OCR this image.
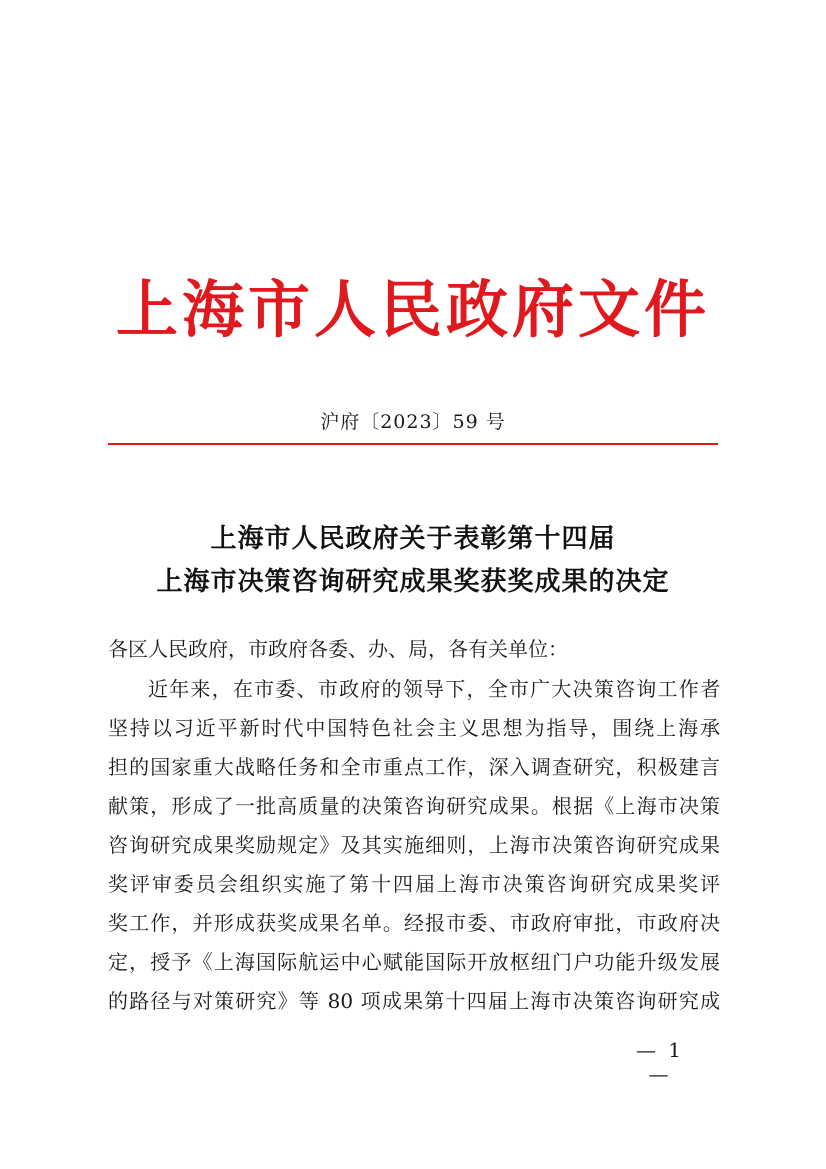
上海市人民政府文件
沪府〔2023〕59 号
上海市人民政府关于表彰第十四届
上海市决策咨询研究成果奖获奖成果的决定
各区人民政府，市政府各委、办、局，各有关单位：
近年来，在市委、市政府的领导下，全市广大决策咨询工作者
坚持以习近平新时代中国特色社会主义思想为指导，围绕上海承
担的国家重大战略任务和全市重点工作，深入调查研究，积极建言
献策，形成了一批高质量的决策咨询研究成果。根据《上海市决策
咨询研究成果奖励规定》及其实施细则，上海市决策咨询研究成果
奖评审委员会组织实施了第十四届上海市决策咨询研究成果奖评
奖工作，并形成获奖成果名单。经报市委、市政府审批，市政府决
定，授予《上海国际航运中心赋能国际开放枢纽门户功能升级发展
的路径与对策研究》等 80 项成果第十四届上海市决策咨询研究成
— 1 —
